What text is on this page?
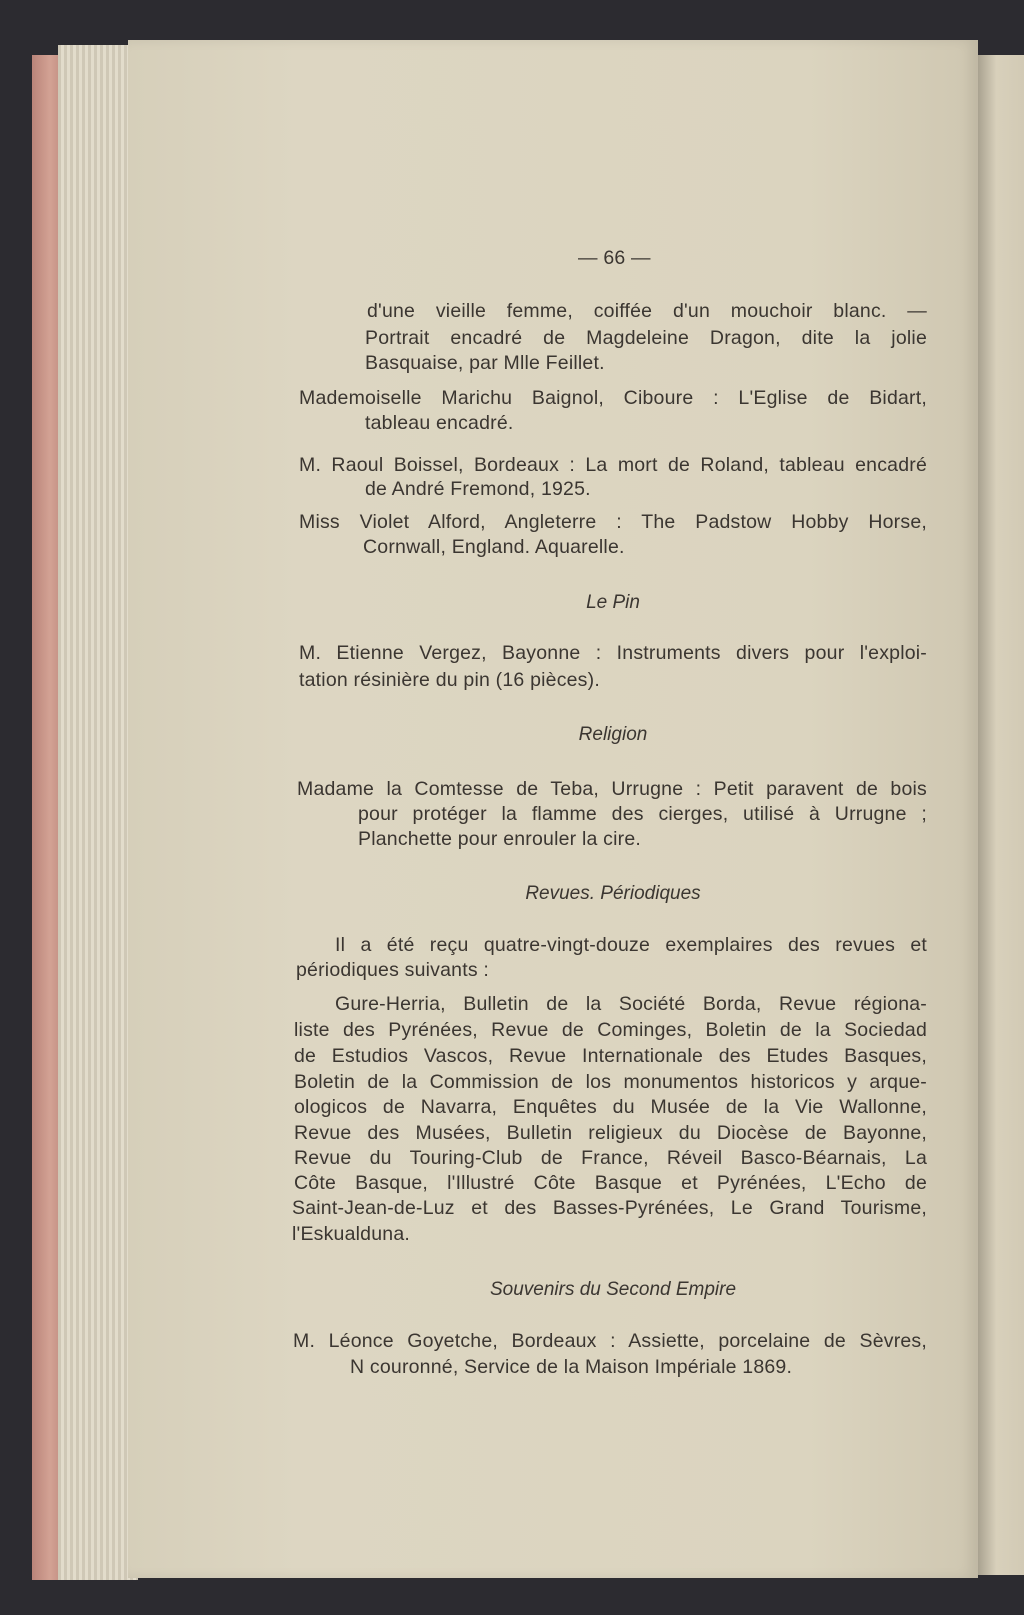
— 66 —
d'une vieille femme, coiffée d'un mouchoir blanc. —
Portrait encadré de Magdeleine Dragon, dite la jolie
Basquaise, par Mlle Feillet.
Mademoiselle Marichu Baignol, Ciboure : L'Eglise de Bidart,
tableau encadré.
M. Raoul Boissel, Bordeaux : La mort de Roland, tableau encadré
de André Fremond, 1925.
Miss Violet Alford, Angleterre : The Padstow Hobby Horse,
Cornwall, England. Aquarelle.
Le Pin
M. Etienne Vergez, Bayonne : Instruments divers pour l'exploi-
tation résinière du pin (16 pièces).
Religion
Madame la Comtesse de Teba, Urrugne : Petit paravent de bois
pour protéger la flamme des cierges, utilisé à Urrugne ;
Planchette pour enrouler la cire.
Revues. Périodiques
Il a été reçu quatre-vingt-douze exemplaires des revues et
périodiques suivants :
Gure-Herria, Bulletin de la Société Borda, Revue régiona-
liste des Pyrénées, Revue de Cominges, Boletin de la Sociedad
de Estudios Vascos, Revue Internationale des Etudes Basques,
Boletin de la Commission de los monumentos historicos y arque-
ologicos de Navarra, Enquêtes du Musée de la Vie Wallonne,
Revue des Musées, Bulletin religieux du Diocèse de Bayonne,
Revue du Touring-Club de France, Réveil Basco-Béarnais, La
Côte Basque, l'Illustré Côte Basque et Pyrénées, L'Echo de
Saint-Jean-de-Luz et des Basses-Pyrénées, Le Grand Tourisme,
l'Eskualduna.
Souvenirs du Second Empire
M. Léonce Goyetche, Bordeaux : Assiette, porcelaine de Sèvres,
N couronné, Service de la Maison Impériale 1869.
